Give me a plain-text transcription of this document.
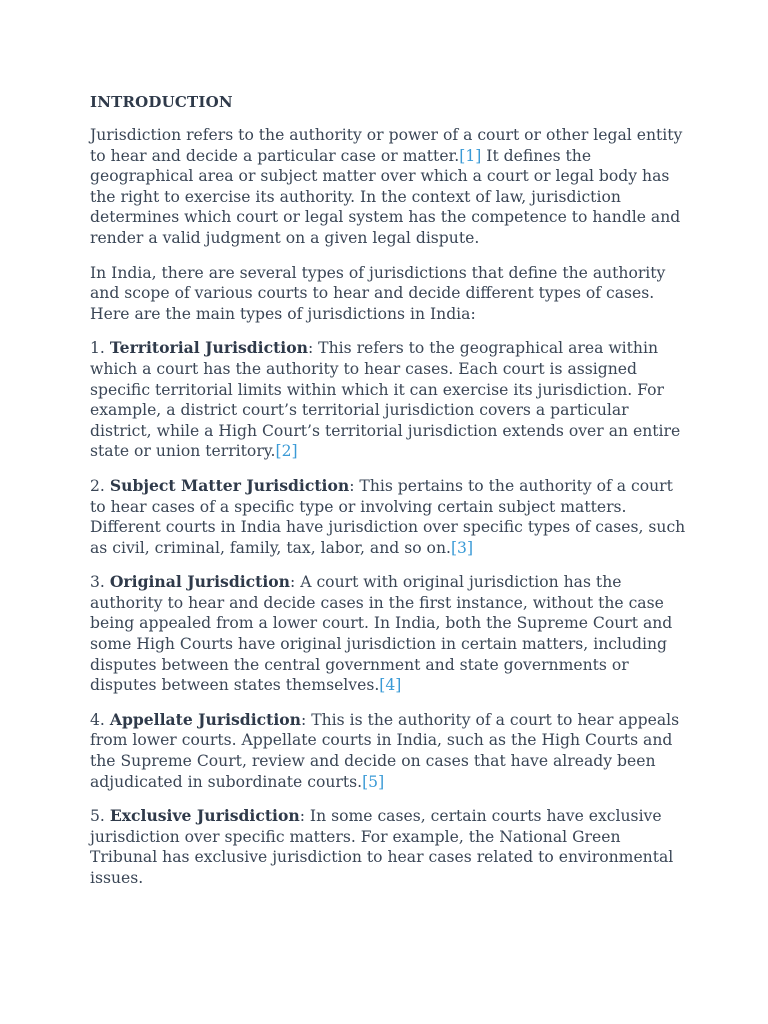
INTRODUCTION

Jurisdiction refers to the authority or power of a court or other legal entity to hear and decide a particular case or matter.[1] It defines the geographical area or subject matter over which a court or legal body has the right to exercise its authority. In the context of law, jurisdiction determines which court or legal system has the competence to handle and render a valid judgment on a given legal dispute.

In India, there are several types of jurisdictions that define the authority and scope of various courts to hear and decide different types of cases. Here are the main types of jurisdictions in India:

1. Territorial Jurisdiction: This refers to the geographical area within which a court has the authority to hear cases. Each court is assigned specific territorial limits within which it can exercise its jurisdiction. For example, a district court’s territorial jurisdiction covers a particular district, while a High Court’s territorial jurisdiction extends over an entire state or union territory.[2]

2. Subject Matter Jurisdiction: This pertains to the authority of a court to hear cases of a specific type or involving certain subject matters. Different courts in India have jurisdiction over specific types of cases, such as civil, criminal, family, tax, labor, and so on.[3]

3. Original Jurisdiction: A court with original jurisdiction has the authority to hear and decide cases in the first instance, without the case being appealed from a lower court. In India, both the Supreme Court and some High Courts have original jurisdiction in certain matters, including disputes between the central government and state governments or disputes between states themselves.[4]

4. Appellate Jurisdiction: This is the authority of a court to hear appeals from lower courts. Appellate courts in India, such as the High Courts and the Supreme Court, review and decide on cases that have already been adjudicated in subordinate courts.[5]

5. Exclusive Jurisdiction: In some cases, certain courts have exclusive jurisdiction over specific matters. For example, the National Green Tribunal has exclusive jurisdiction to hear cases related to environmental issues.
